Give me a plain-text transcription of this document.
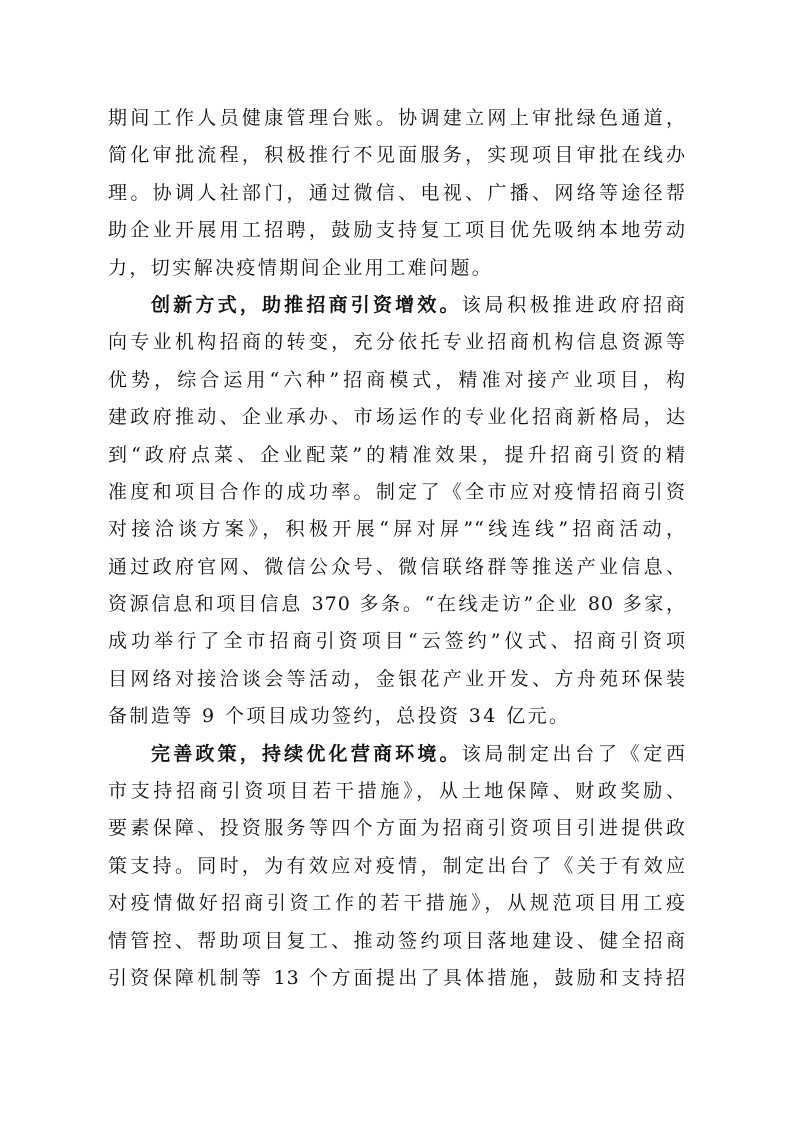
期间工作人员健康管理台账。协调建立网上审批绿色通道，
简化审批流程，积极推行不见面服务，实现项目审批在线办
理。协调人社部门，通过微信、电视、广播、网络等途径帮
助企业开展用工招聘，鼓励支持复工项目优先吸纳本地劳动
力，切实解决疫情期间企业用工难问题。
创新方式，助推招商引资增效。该局积极推进政府招商
向专业机构招商的转变，充分依托专业招商机构信息资源等
优势，综合运用“六种”招商模式，精准对接产业项目，构
建政府推动、企业承办、市场运作的专业化招商新格局，达
到“政府点菜、企业配菜”的精准效果，提升招商引资的精
准度和项目合作的成功率。制定了《全市应对疫情招商引资
对接洽谈方案》，积极开展“屏对屏”“线连线”招商活动，
通过政府官网、微信公众号、微信联络群等推送产业信息、
资源信息和项目信息 370 多条。“在线走访”企业 80 多家，
成功举行了全市招商引资项目“云签约”仪式、招商引资项
目网络对接洽谈会等活动，金银花产业开发、方舟苑环保装
备制造等 9 个项目成功签约，总投资 34 亿元。
完善政策，持续优化营商环境。该局制定出台了《定西
市支持招商引资项目若干措施》，从土地保障、财政奖励、
要素保障、投资服务等四个方面为招商引资项目引进提供政
策支持。同时，为有效应对疫情，制定出台了《关于有效应
对疫情做好招商引资工作的若干措施》，从规范项目用工疫
情管控、帮助项目复工、推动签约项目落地建设、健全招商
引资保障机制等 13 个方面提出了具体措施，鼓励和支持招
